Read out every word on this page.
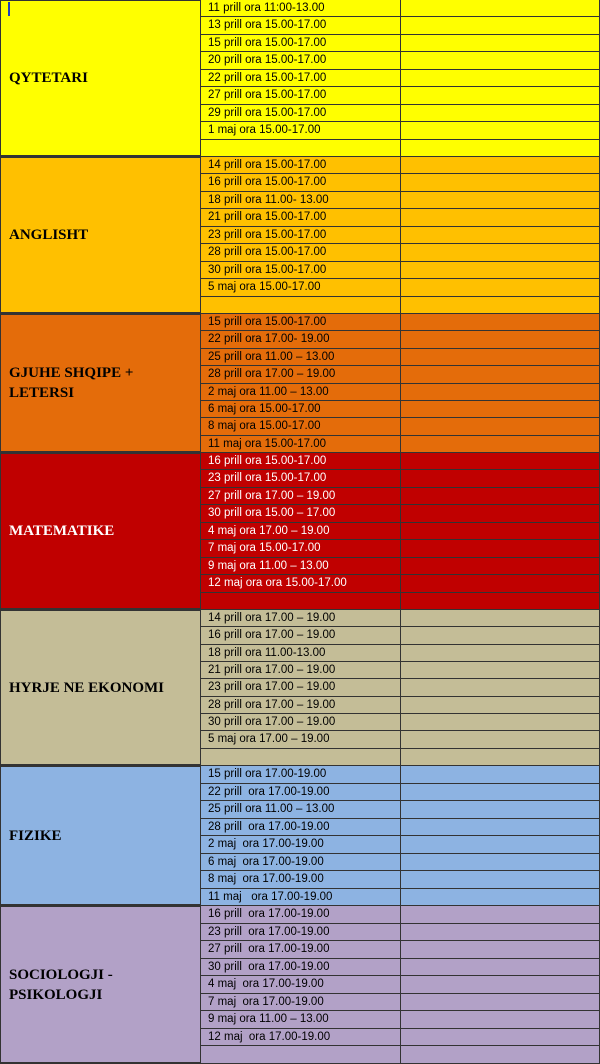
QYTETARI
11 prill ora 11:00-13.00
13 prill ora 15.00-17.00
15 prill ora 15.00-17.00
20 prill ora 15.00-17.00
22 prill ora 15.00-17.00
27 prill ora 15.00-17.00
29 prill ora 15.00-17.00
1 maj ora 15.00-17.00
ANGLISHT
14 prill ora 15.00-17.00
16 prill ora 15.00-17.00
18 prill ora 11.00- 13.00
21 prill ora 15.00-17.00
23 prill ora 15.00-17.00
28 prill ora 15.00-17.00
30 prill ora 15.00-17.00
5 maj ora 15.00-17.00
GJUHE SHQIPE +
LETERSI
15 prill ora 15.00-17.00
22 prill ora 17.00- 19.00
25 prill ora 11.00 – 13.00
28 prill ora 17.00 – 19.00
2 maj ora 11.00 – 13.00
6 maj ora 15.00-17.00
8 maj ora 15.00-17.00
11 maj ora 15.00-17.00
MATEMATIKE
16 prill ora 15.00-17.00
23 prill ora 15.00-17.00
27 prill ora 17.00 – 19.00
30 prill ora 15.00 – 17.00
4 maj ora 17.00 – 19.00
7 maj ora 15.00-17.00
9 maj ora 11.00 – 13.00
12 maj ora ora 15.00-17.00
HYRJE NE EKONOMI
14 prill ora 17.00 – 19.00
16 prill ora 17.00 – 19.00
18 prill ora 11.00-13.00
21 prill ora 17.00 – 19.00
23 prill ora 17.00 – 19.00
28 prill ora 17.00 – 19.00
30 prill ora 17.00 – 19.00
5 maj ora 17.00 – 19.00
FIZIKE
15 prill ora 17.00-19.00
22 prill  ora 17.00-19.00
25 prill ora 11.00 – 13.00
28 prill  ora 17.00-19.00
2 maj  ora 17.00-19.00
6 maj  ora 17.00-19.00
8 maj  ora 17.00-19.00
11 maj   ora 17.00-19.00
SOCIOLOGJI -
PSIKOLOGJI
16 prill  ora 17.00-19.00
23 prill  ora 17.00-19.00
27 prill  ora 17.00-19.00
30 prill  ora 17.00-19.00
4 maj  ora 17.00-19.00
7 maj  ora 17.00-19.00
9 maj ora 11.00 – 13.00
12 maj  ora 17.00-19.00
